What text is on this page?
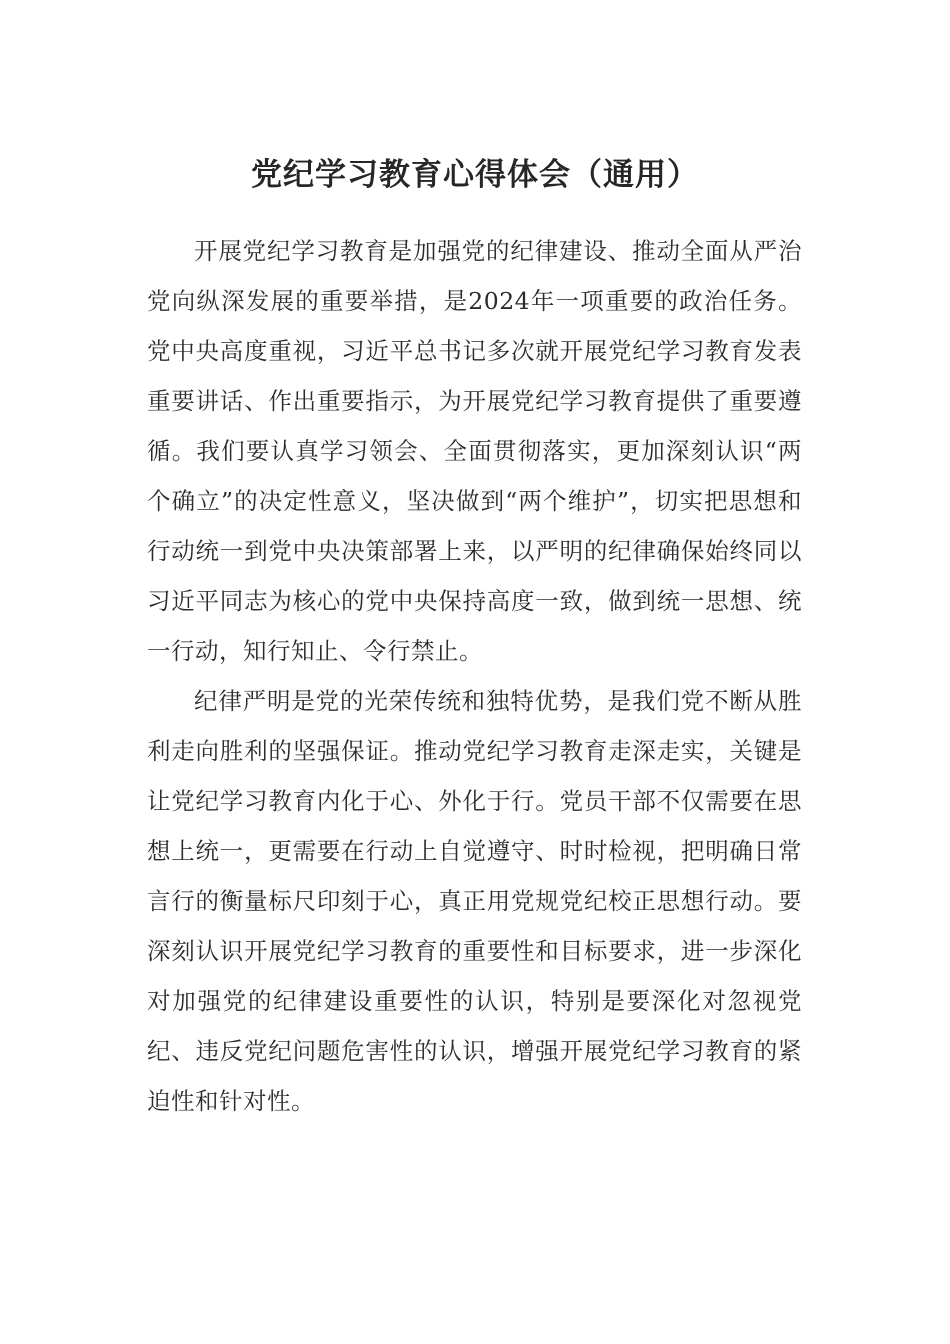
党纪学习教育心得体会（通用）

开展党纪学习教育是加强党的纪律建设、推动全面从严治党向纵深发展的重要举措，是2024年一项重要的政治任务。党中央高度重视，习近平总书记多次就开展党纪学习教育发表重要讲话、作出重要指示，为开展党纪学习教育提供了重要遵循。我们要认真学习领会、全面贯彻落实，更加深刻认识“两个确立”的决定性意义，坚决做到“两个维护”，切实把思想和行动统一到党中央决策部署上来，以严明的纪律确保始终同以习近平同志为核心的党中央保持高度一致，做到统一思想、统一行动，知行知止、令行禁止。

纪律严明是党的光荣传统和独特优势，是我们党不断从胜利走向胜利的坚强保证。推动党纪学习教育走深走实，关键是让党纪学习教育内化于心、外化于行。党员干部不仅需要在思想上统一，更需要在行动上自觉遵守、时时检视，把明确日常言行的衡量标尺印刻于心，真正用党规党纪校正思想行动。要深刻认识开展党纪学习教育的重要性和目标要求，进一步深化对加强党的纪律建设重要性的认识，特别是要深化对忽视党纪、违反党纪问题危害性的认识，增强开展党纪学习教育的紧迫性和针对性。
